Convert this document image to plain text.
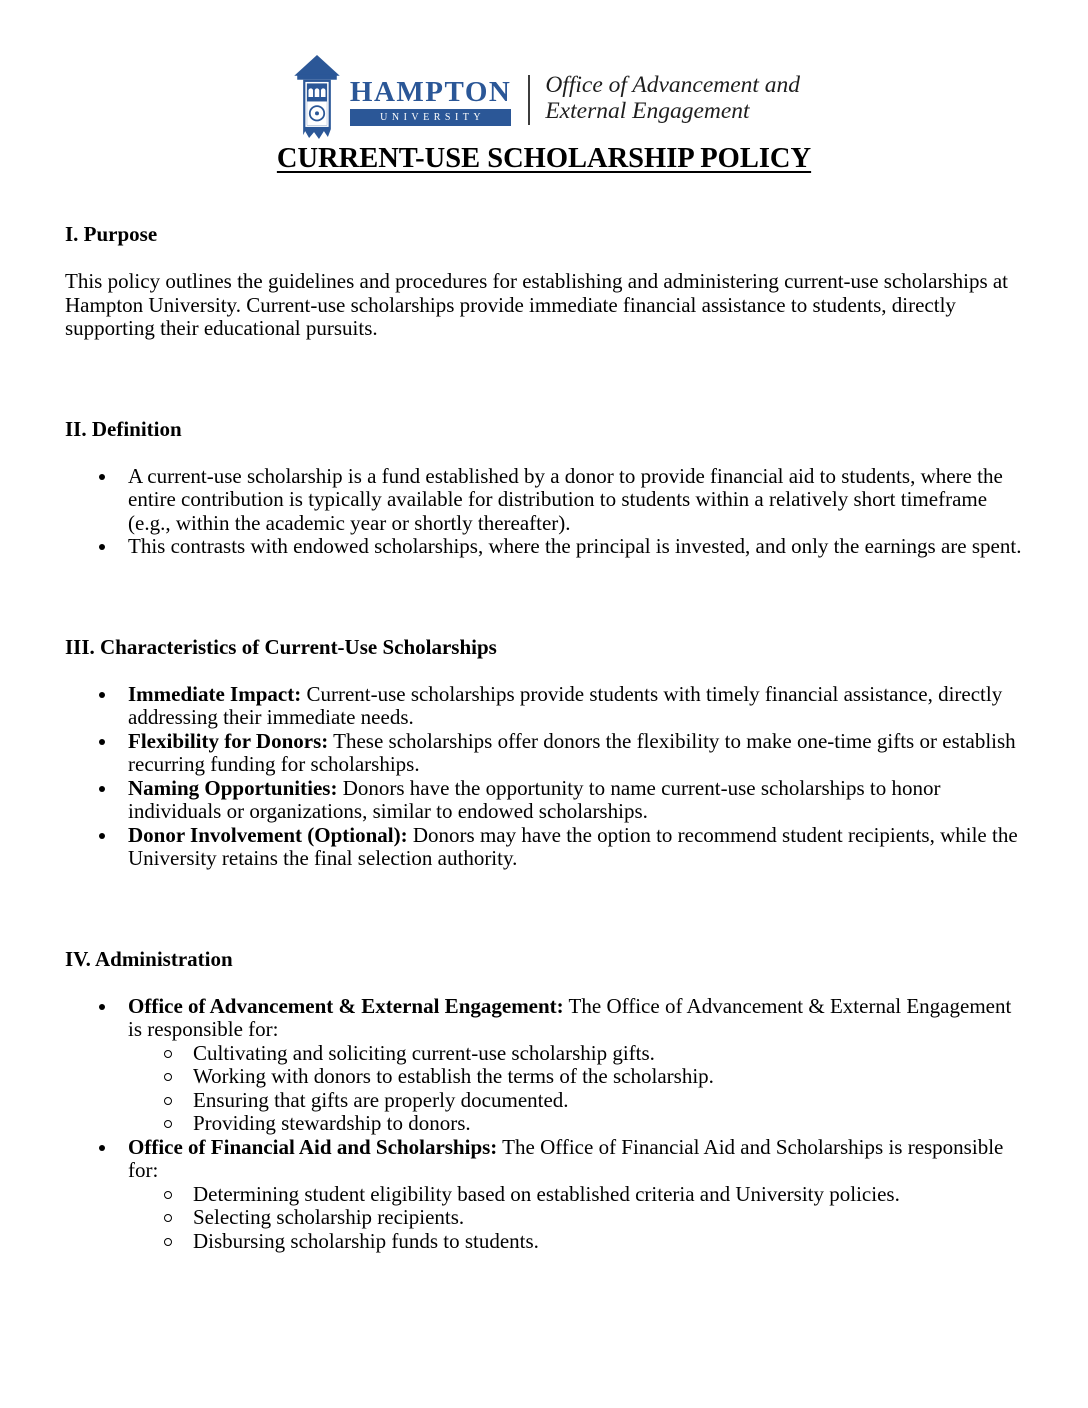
HAMPTON
UNIVERSITY
Office of Advancement and
External Engagement
CURRENT-USE SCHOLARSHIP POLICY
I. Purpose

This policy outlines the guidelines and procedures for establishing and administering current-use scholarships at Hampton University. Current-use scholarships provide immediate financial assistance to students, directly supporting their educational pursuits.

II. Definition
A current-use scholarship is a fund established by a donor to provide financial aid to students, where the entire contribution is typically available for distribution to students within a relatively short timeframe (e.g., within the academic year or shortly thereafter).
This contrasts with endowed scholarships, where the principal is invested, and only the earnings are spent.
III. Characteristics of Current-Use Scholarships
Immediate Impact: Current-use scholarships provide students with timely financial assistance, directly addressing their immediate needs.
Flexibility for Donors: These scholarships offer donors the flexibility to make one-time gifts or establish recurring funding for scholarships.
Naming Opportunities: Donors have the opportunity to name current-use scholarships to honor individuals or organizations, similar to endowed scholarships.
Donor Involvement (Optional): Donors may have the option to recommend student recipients, while the University retains the final selection authority.
IV. Administration
Office of Advancement & External Engagement: The Office of Advancement & External Engagement is responsible for:
Cultivating and soliciting current-use scholarship gifts.
Working with donors to establish the terms of the scholarship.
Ensuring that gifts are properly documented.
Providing stewardship to donors.
Office of Financial Aid and Scholarships: The Office of Financial Aid and Scholarships is responsible for:
Determining student eligibility based on established criteria and University policies.
Selecting scholarship recipients.
Disbursing scholarship funds to students.
